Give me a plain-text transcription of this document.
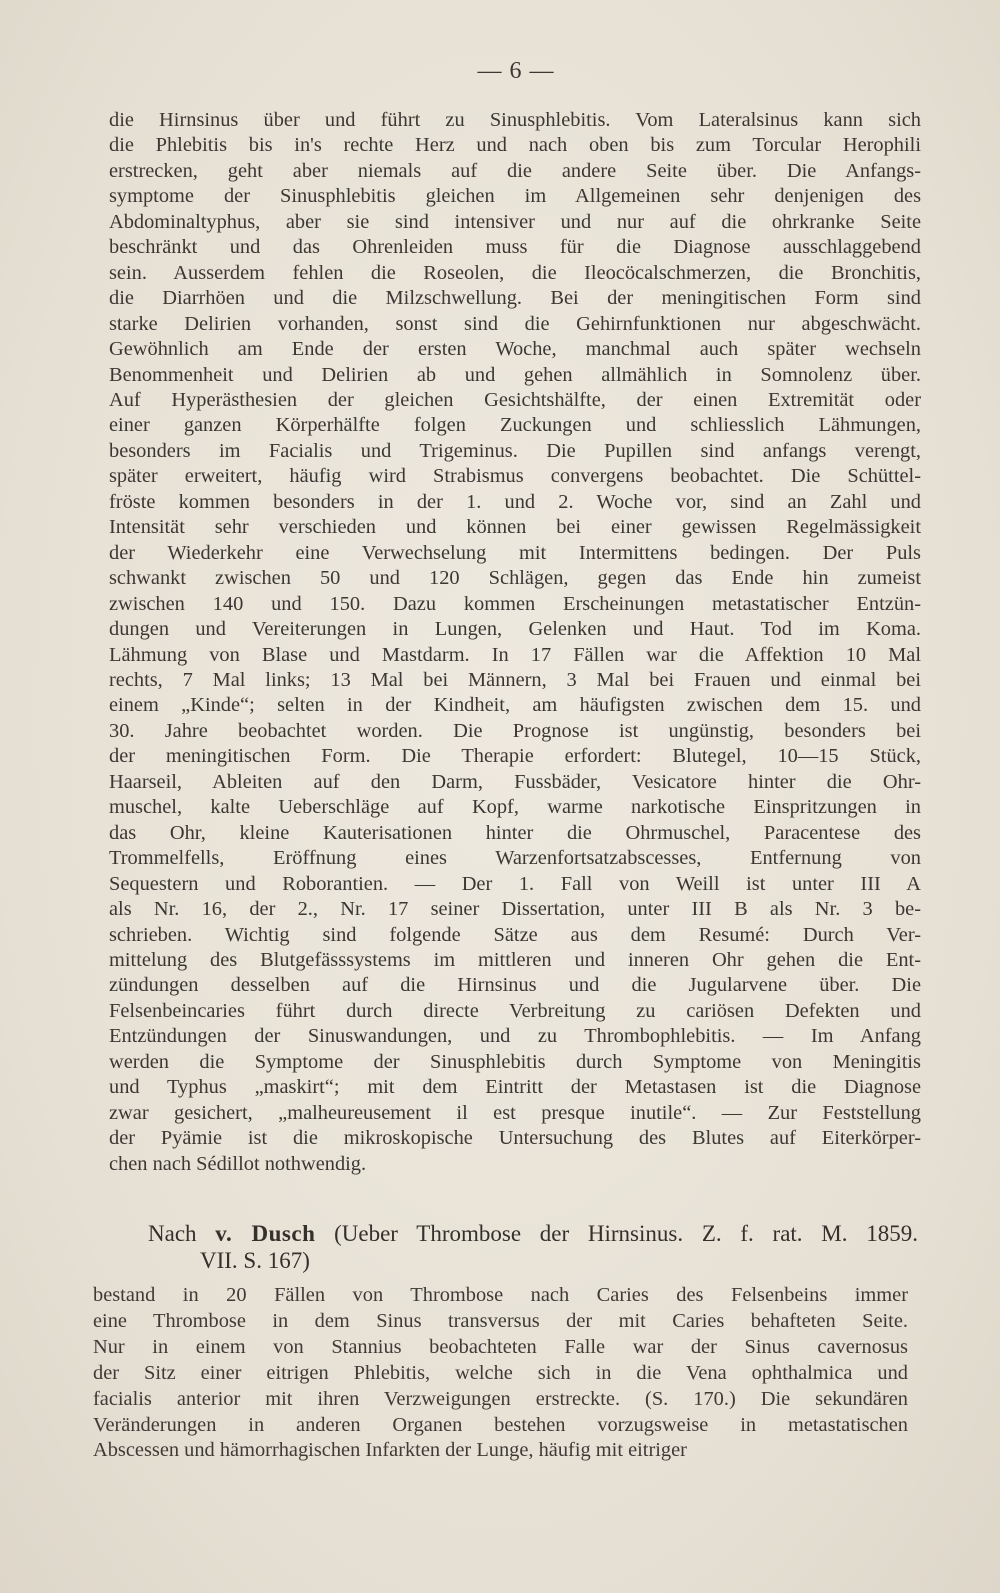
— 6 —
die Hirnsinus über und führt zu Sinusphlebitis. Vom Lateralsinus kann sich
die Phlebitis bis in's rechte Herz und nach oben bis zum Torcular Herophili
erstrecken, geht aber niemals auf die andere Seite über. Die Anfangs-
symptome der Sinusphlebitis gleichen im Allgemeinen sehr denjenigen des
Abdominaltyphus, aber sie sind intensiver und nur auf die ohrkranke Seite
beschränkt und das Ohrenleiden muss für die Diagnose ausschlaggebend
sein. Ausserdem fehlen die Roseolen, die Ileocöcalschmerzen, die Bronchitis,
die Diarrhöen und die Milzschwellung. Bei der meningitischen Form sind
starke Delirien vorhanden, sonst sind die Gehirnfunktionen nur abgeschwächt.
Gewöhnlich am Ende der ersten Woche, manchmal auch später wechseln
Benommenheit und Delirien ab und gehen allmählich in Somnolenz über.
Auf Hyperästhesien der gleichen Gesichtshälfte, der einen Extremität oder
einer ganzen Körperhälfte folgen Zuckungen und schliesslich Lähmungen,
besonders im Facialis und Trigeminus. Die Pupillen sind anfangs verengt,
später erweitert, häufig wird Strabismus convergens beobachtet. Die Schüttel-
fröste kommen besonders in der 1. und 2. Woche vor, sind an Zahl und
Intensität sehr verschieden und können bei einer gewissen Regelmässigkeit
der Wiederkehr eine Verwechselung mit Intermittens bedingen. Der Puls
schwankt zwischen 50 und 120 Schlägen, gegen das Ende hin zumeist
zwischen 140 und 150. Dazu kommen Erscheinungen metastatischer Entzün-
dungen und Vereiterungen in Lungen, Gelenken und Haut. Tod im Koma.
Lähmung von Blase und Mastdarm. In 17 Fällen war die Affektion 10 Mal
rechts, 7 Mal links; 13 Mal bei Männern, 3 Mal bei Frauen und einmal bei
einem „Kinde“; selten in der Kindheit, am häufigsten zwischen dem 15. und
30. Jahre beobachtet worden. Die Prognose ist ungünstig, besonders bei
der meningitischen Form. Die Therapie erfordert: Blutegel, 10—15 Stück,
Haarseil, Ableiten auf den Darm, Fussbäder, Vesicatore hinter die Ohr-
muschel, kalte Ueberschläge auf Kopf, warme narkotische Einspritzungen in
das Ohr, kleine Kauterisationen hinter die Ohrmuschel, Paracentese des
Trommelfells, Eröffnung eines Warzenfortsatzabscesses, Entfernung von
Sequestern und Roborantien. — Der 1. Fall von Weill ist unter III A
als Nr. 16, der 2., Nr. 17 seiner Dissertation, unter III B als Nr. 3 be-
schrieben. Wichtig sind folgende Sätze aus dem Resumé: Durch Ver-
mittelung des Blutgefässsystems im mittleren und inneren Ohr gehen die Ent-
zündungen desselben auf die Hirnsinus und die Jugularvene über. Die
Felsenbeincaries führt durch directe Verbreitung zu cariösen Defekten und
Entzündungen der Sinuswandungen, und zu Thrombophlebitis. — Im Anfang
werden die Symptome der Sinusphlebitis durch Symptome von Meningitis
und Typhus „maskirt“; mit dem Eintritt der Metastasen ist die Diagnose
zwar gesichert, „malheureusement il est presque inutile“. — Zur Feststellung
der Pyämie ist die mikroskopische Untersuchung des Blutes auf Eiterkörper-
chen nach Sédillot nothwendig.
Nach v. Dusch (Ueber Thrombose der Hirnsinus. Z. f. rat. M. 1859.
VII. S. 167)
bestand in 20 Fällen von Thrombose nach Caries des Felsenbeins immer
eine Thrombose in dem Sinus transversus der mit Caries behafteten Seite.
Nur in einem von Stannius beobachteten Falle war der Sinus cavernosus
der Sitz einer eitrigen Phlebitis, welche sich in die Vena ophthalmica und
facialis anterior mit ihren Verzweigungen erstreckte. (S. 170.) Die sekundären
Veränderungen in anderen Organen bestehen vorzugsweise in metastatischen
Abscessen und hämorrhagischen Infarkten der Lunge, häufig mit eitriger
